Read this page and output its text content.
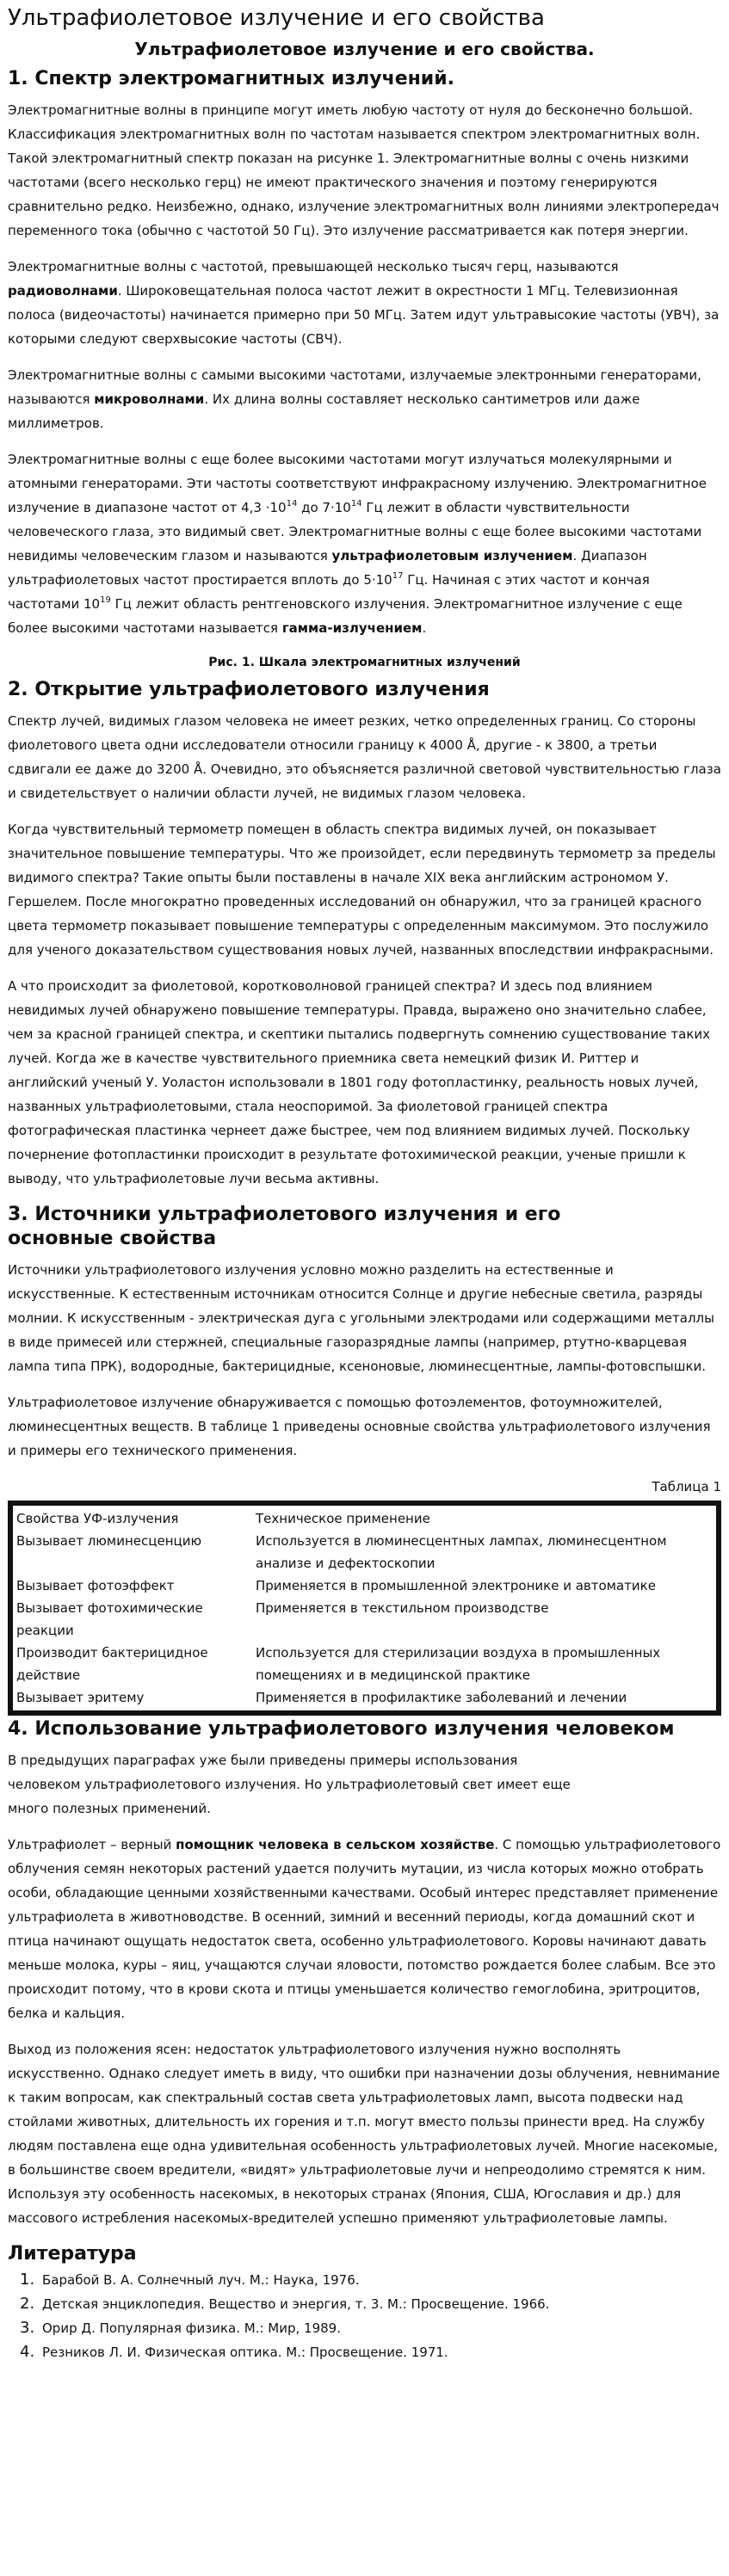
Ультрафиолетовое излучение и его свойства
Ультрафиолетовое излучение и его свойства.
1. Спектр электромагнитных излучений.

Электромагнитные волны в принципе могут иметь любую частоту от нуля до бесконечно большой. Классификация электромагнитных волн по частотам называется спектром электромагнитных волн. Такой электромагнитный спектр показан на рисунке 1. Электромагнитные волны с очень низкими частотами (всего несколько герц) не имеют практического значения и поэтому генерируются сравнительно редко. Неизбежно, однако, излучение электромагнитных волн линиями электропередач переменного тока (обычно с частотой 50 Гц). Это излучение рассматривается как потеря энергии.

Электромагнитные волны с частотой, превышающей несколько тысяч герц, называются радиоволнами. Широковещательная полоса частот лежит в окрестности 1 МГц. Телевизионная полоса (видеочастоты) начинается примерно при 50 МГц. Затем идут ультравысокие частоты (УВЧ), за которыми следуют сверхвысокие частоты (СВЧ).

Электромагнитные волны с самыми высокими частотами, излучаемые электронными генераторами, называются микроволнами. Их длина волны составляет несколько сантиметров или даже миллиметров.

Электромагнитные волны с еще более высокими частотами могут излучаться молекулярными и атомными генераторами. Эти частоты соответствуют инфракрасному излучению. Электромагнитное излучение в диапазоне частот от $4,3 \cdot 10^{14}$ до $7\cdot 10^{14}$ Гц лежит в области чувствительности человеческого глаза, это видимый свет. Электромагнитные волны с еще более высокими частотами невидимы человеческим глазом и называются ультрафиолетовым излучением. Диапазон ультрафиолетовых частот простирается вплоть до $5\cdot 10^{17}$ Гц. Начиная с этих частот и кончая частотами $10^{19}$ Гц лежит область рентгеновского излучения. Электромагнитное излучение с еще более высокими частотами называется гамма-излучением.

Рис. 1. Шкала электромагнитных излучений
2. Открытие ультрафиолетового излучения

Спектр лучей, видимых глазом человека не имеет резких, четко определенных границ. Со стороны фиолетового цвета одни исследователи относили границу к 4000 Å, другие - к 3800, а третьи сдвигали ее даже до 3200 Å. Очевидно, это объясняется различной световой чувствительностью глаза и свидетельствует о наличии области лучей, не видимых глазом человека.

Когда чувствительный термометр помещен в область спектра видимых лучей, он показывает значительное повышение температуры. Что же произойдет, если передвинуть термометр за пределы видимого спектра? Такие опыты были поставлены в начале XIX века английским астрономом У. Гершелем. После многократно проведенных исследований он обнаружил, что за границей красного цвета термометр показывает повышение температуры с определенным максимумом. Это послужило для ученого доказательством существования новых лучей, названных впоследствии инфракрасными.

А что происходит за фиолетовой, коротковолновой границей спектра? И здесь под влиянием невидимых лучей обнаружено повышение температуры. Правда, выражено оно значительно слабее, чем за красной границей спектра, и скептики пытались подвергнуть сомнению существование таких лучей. Когда же в качестве чувствительного приемника света немецкий физик И. Риттер и английский ученый У. Уоластон использовали в 1801 году фотопластинку, реальность новых лучей, названных ультрафиолетовыми, стала неоспоримой. За фиолетовой границей спектра фотографическая пластинка чернеет даже быстрее, чем под влиянием видимых лучей. Поскольку почернение фотопластинки происходит в результате фотохимической реакции, ученые пришли к выводу, что ультрафиолетовые лучи весьма активны.

3. Источники ультрафиолетового излучения и его
основные свойства

Источники ультрафиолетового излучения условно можно разделить на естественные и искусственные. К естественным источникам относится Солнце и другие небесные светила, разряды молнии. К искусственным - электрическая дуга с угольными электродами или содержащими металлы в виде примесей или стержней, специальные газоразрядные лампы (например, ртутно-кварцевая лампа типа ПРК), водородные, бактерицидные, ксеноновые, люминесцентные, лампы-фотовспышки.

Ультрафиолетовое излучение обнаруживается с помощью фотоэлементов, фотоумножителей, люминесцентных веществ. В таблице 1 приведены основные свойства ультрафиолетового излучения и примеры его технического применения.

Таблица 1
Свойства УФ-излучения	Техническое применение
Вызывает люминесценцию	Используется в люминесцентных лампах, люминесцентном анализе и дефектоскопии
Вызывает фотоэффект	Применяется в промышленной электронике и автоматике
Вызывает фотохимические реакции	Применяется в текстильном производстве
Производит бактерицидное действие	Используется для стерилизации воздуха в промышленных помещениях и в медицинской практике
Вызывает эритему	Применяется в профилактике заболеваний и лечении
4. Использование ультрафиолетового излучения человеком

В предыдущих параграфах уже были приведены примеры использования
человеком ультрафиолетового излучения. Но ультрафиолетовый свет имеет еще
много полезных применений.

Ультрафиолет – верный помощник человека в сельском хозяйстве. С помощью ультрафиолетового облучения семян некоторых растений удается получить мутации, из числа которых можно отобрать особи, обладающие ценными хозяйственными качествами. Особый интерес представляет применение ультрафиолета в животноводстве. В осенний, зимний и весенний периоды, когда домашний скот и птица начинают ощущать недостаток света, особенно ультрафиолетового. Коровы начинают давать меньше молока, куры – яиц, учащаются случаи яловости, потомство рождается более слабым. Все это происходит потому, что в крови скота и птицы уменьшается количество гемоглобина, эритроцитов, белка и кальция.

Выход из положения ясен: недостаток ультрафиолетового излучения нужно восполнять искусственно. Однако следует иметь в виду, что ошибки при назначении дозы облучения, невнимание к таким вопросам, как спектральный состав света ультрафиолетовых ламп, высота подвески над стойлами животных, длительность их горения и т.п. могут вместо пользы принести вред. На службу людям поставлена еще одна удивительная особенность ультрафиолетовых лучей. Многие насекомые, в большинстве своем вредители, «видят» ультрафиолетовые лучи и непреодолимо стремятся к ним. Используя эту особенность насекомых, в некоторых странах (Япония, США, Югославия и др.) для массового истребления насекомых-вредителей успешно применяют ультрафиолетовые лампы.

Литература
1. Барабой В. А. Солнечный луч. М.: Наука, 1976.
2. Детская энциклопедия. Вещество и энергия, т. 3. М.: Просвещение. 1966.
3. Орир Д. Популярная физика. М.: Мир, 1989.
4. Резников Л. И. Физическая оптика. М.: Просвещение. 1971.
